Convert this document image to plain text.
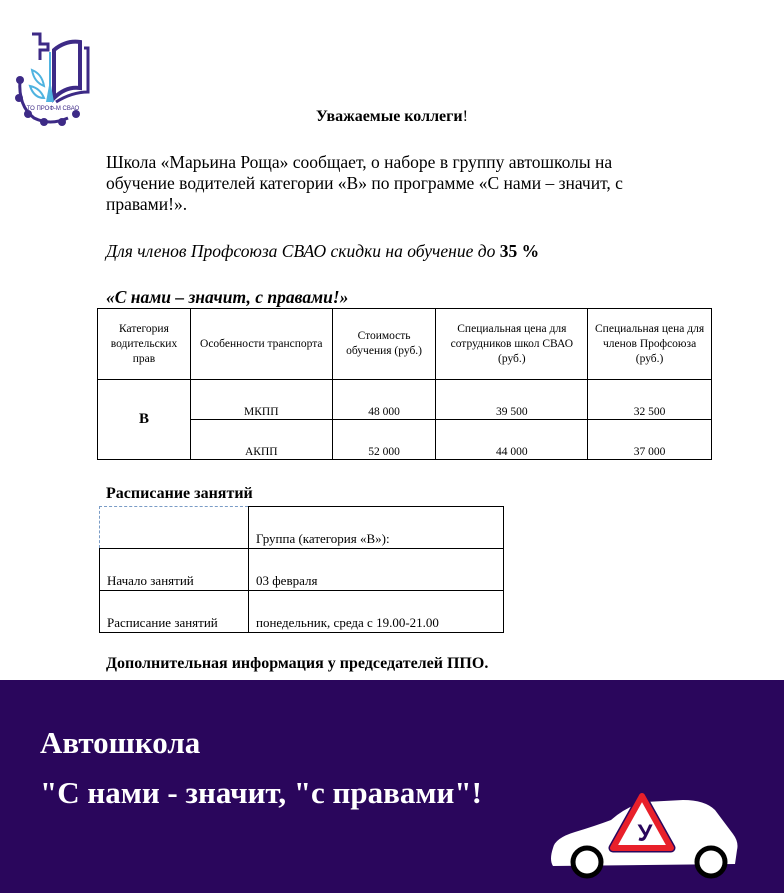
ТО ПРОФ-М СВАО	Уважаемые коллеги!
Школа «Марьина Роща» сообщает, о наборе в группу автошколы на обучение водителей категории «В» по программе «С нами – значит, с правами!».
Для членов Профсоюза СВАО скидки на обучение до 35 %
«С нами – значит, с правами!»
Категория водительских прав	Особенности транспорта	Стоимость обучения (руб.)	Специальная цена для сотрудников школ СВАО (руб.)	Специальная цена для членов Профсоюза (руб.)
В	МКПП	48 000	39 500	32 500
	АКПП	52 000	44 000	37 000
Расписание занятий
	Группа (категория «В»):
Начало занятий	03 февраля
Расписание занятий	понедельник, среда с 19.00-21.00
Дополнительная информация у председателей ППО.
Автошкола
"С нами - значит, "с правами"!
У
